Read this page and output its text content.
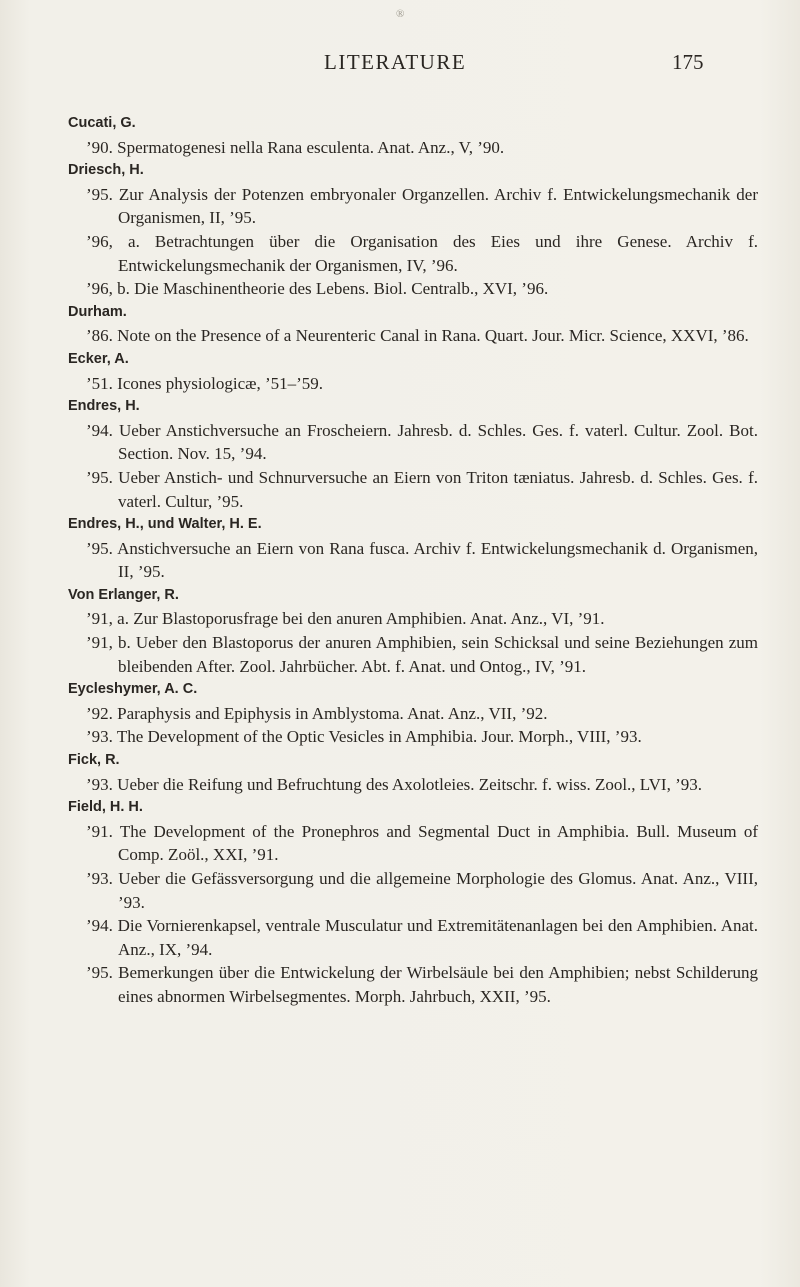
®
LITERATURE	175
Cucati, G.
’90. Spermatogenesi nella Rana esculenta. Anat. Anz., V, ’90.
Driesch, H.
’95. Zur Analysis der Potenzen embryonaler Organzellen. Archiv f. Entwickelungsmechanik der Organismen, II, ’95.
’96, a. Betrachtungen über die Organisation des Eies und ihre Genese. Archiv f. Entwickelungsmechanik der Organismen, IV, ’96.
’96, b. Die Maschinentheorie des Lebens. Biol. Centralb., XVI, ’96.
Durham.
’86. Note on the Presence of a Neurenteric Canal in Rana. Quart. Jour. Micr. Science, XXVI, ’86.
Ecker, A.
’51. Icones physiologicæ, ’51–’59.
Endres, H.
’94. Ueber Anstichversuche an Froscheiern. Jahresb. d. Schles. Ges. f. vaterl. Cultur. Zool. Bot. Section. Nov. 15, ’94.
’95. Ueber Anstich- und Schnurversuche an Eiern von Triton tæniatus. Jahresb. d. Schles. Ges. f. vaterl. Cultur, ’95.
Endres, H., und Walter, H. E.
’95. Anstichversuche an Eiern von Rana fusca. Archiv f. Entwickelungsmechanik d. Organismen, II, ’95.
Von Erlanger, R.
’91, a. Zur Blastoporusfrage bei den anuren Amphibien. Anat. Anz., VI, ’91.
’91, b. Ueber den Blastoporus der anuren Amphibien, sein Schicksal und seine Beziehungen zum bleibenden After. Zool. Jahrbücher. Abt. f. Anat. und Ontog., IV, ’91.
Eycleshymer, A. C.
’92. Paraphysis and Epiphysis in Amblystoma. Anat. Anz., VII, ’92.
’93. The Development of the Optic Vesicles in Amphibia. Jour. Morph., VIII, ’93.
Fick, R.
’93. Ueber die Reifung und Befruchtung des Axolotleies. Zeitschr. f. wiss. Zool., LVI, ’93.
Field, H. H.
’91. The Development of the Pronephros and Segmental Duct in Amphibia. Bull. Museum of Comp. Zoöl., XXI, ’91.
’93. Ueber die Gefässversorgung und die allgemeine Morphologie des Glomus. Anat. Anz., VIII, ’93.
’94. Die Vornierenkapsel, ventrale Musculatur und Extremitätenanlagen bei den Amphibien. Anat. Anz., IX, ’94.
’95. Bemerkungen über die Entwickelung der Wirbelsäule bei den Amphibien; nebst Schilderung eines abnormen Wirbelsegmentes. Morph. Jahrbuch, XXII, ’95.
